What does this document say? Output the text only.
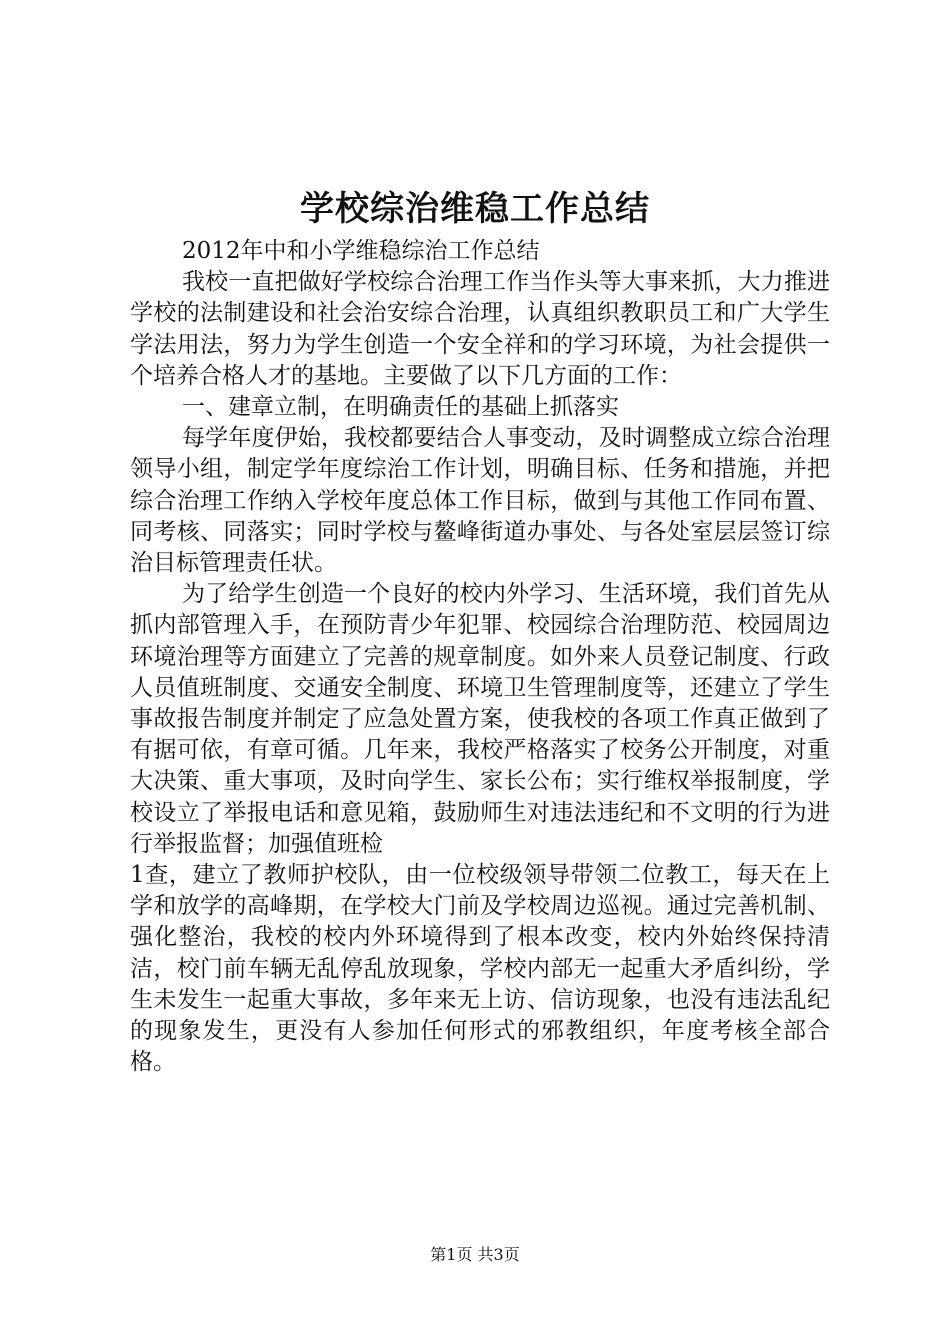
学校综治维稳工作总结

2012年中和小学维稳综治工作总结

我校一直把做好学校综合治理工作当作头等大事来抓，大力推进学校的法制建设和社会治安综合治理，认真组织教职员工和广大学生学法用法，努力为学生创造一个安全祥和的学习环境，为社会提供一个培养合格人才的基地。主要做了以下几方面的工作：

一、建章立制，在明确责任的基础上抓落实

每学年度伊始，我校都要结合人事变动，及时调整成立综合治理领导小组，制定学年度综治工作计划，明确目标、任务和措施，并把综合治理工作纳入学校年度总体工作目标，做到与其他工作同布置、同考核、同落实；同时学校与鳌峰街道办事处、与各处室层层签订综治目标管理责任状。

为了给学生创造一个良好的校内外学习、生活环境，我们首先从抓内部管理入手，在预防青少年犯罪、校园综合治理防范、校园周边环境治理等方面建立了完善的规章制度。如外来人员登记制度、行政人员值班制度、交通安全制度、环境卫生管理制度等，还建立了学生事故报告制度并制定了应急处置方案，使我校的各项工作真正做到了有据可依，有章可循。几年来，我校严格落实了校务公开制度，对重大决策、重大事项，及时向学生、家长公布；实行维权举报制度，学校设立了举报电话和意见箱，鼓励师生对违法违纪和不文明的行为进行举报监督；加强值班检

1查，建立了教师护校队，由一位校级领导带领二位教工，每天在上学和放学的高峰期，在学校大门前及学校周边巡视。通过完善机制、强化整治，我校的校内外环境得到了根本改变，校内外始终保持清洁，校门前车辆无乱停乱放现象，学校内部无一起重大矛盾纠纷，学生未发生一起重大事故，多年来无上访、信访现象，也没有违法乱纪的现象发生，更没有人参加任何形式的邪教组织，年度考核全部合格。

第1页 共3页
